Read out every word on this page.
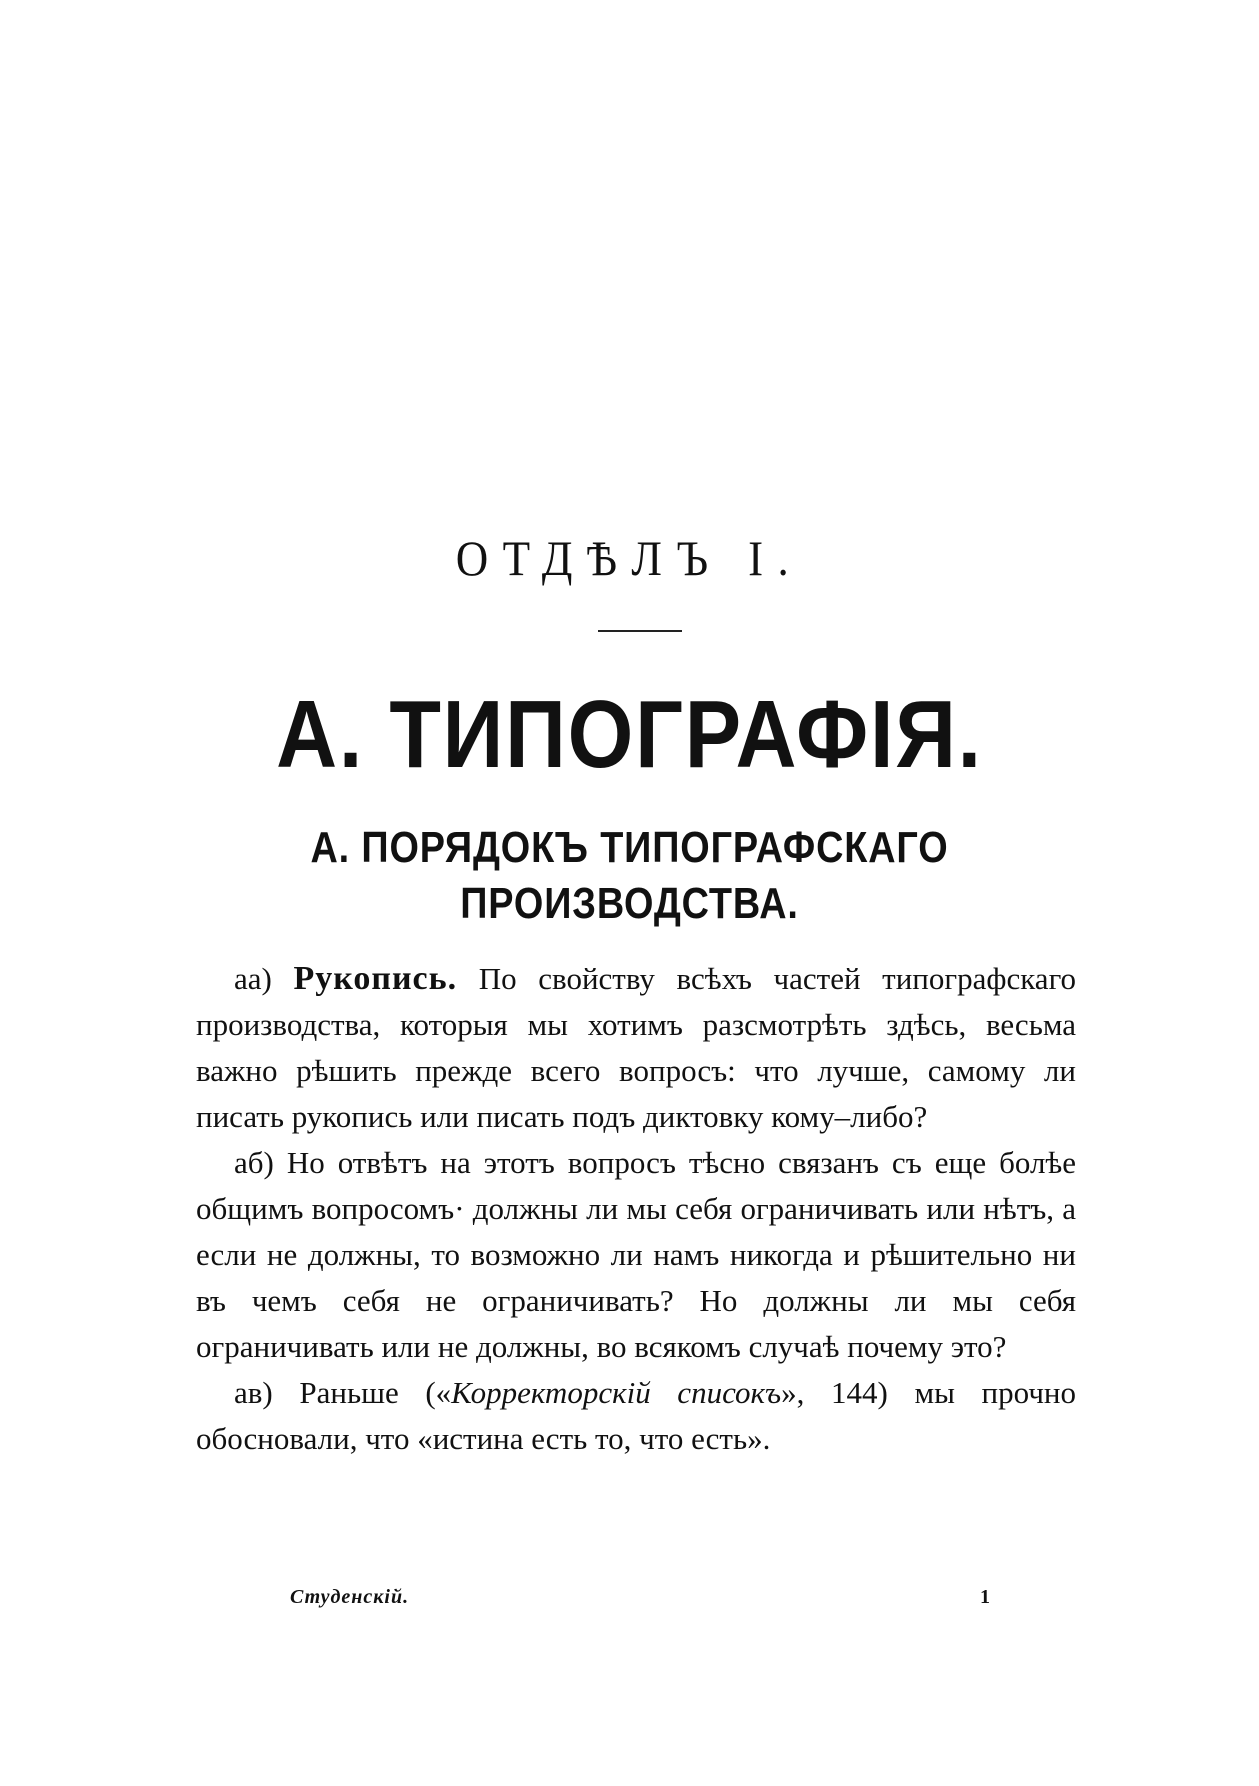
ОТДѢЛЪ I.
А. ТИПОГРАФІЯ.
А. ПОРЯДОКЪ ТИПОГРАФСКАГО
ПРОИЗВОДСТВА.

аа) Рукопись. По свойству всѣхъ частей типографскаго производства, которыя мы хотимъ разсмотрѣть здѣсь, весьма важно рѣшить прежде всего вопросъ: что лучше, самому ли писать рукопись или писать подъ диктовку кому–либо?

аб) Но отвѣтъ на этотъ вопросъ тѣсно связанъ съ еще болѣе общимъ вопросомъ· должны ли мы себя ограничивать или нѣтъ, а если не должны, то возможно ли намъ никогда и рѣшительно ни въ чемъ себя не ограничивать? Но должны ли мы себя ограничивать или не должны, во всякомъ случаѣ почему это?

ав) Раньше («Корректорскій списокъ», 144) мы прочно обосновали, что «истина есть то, что есть».

Студенскій.	1
